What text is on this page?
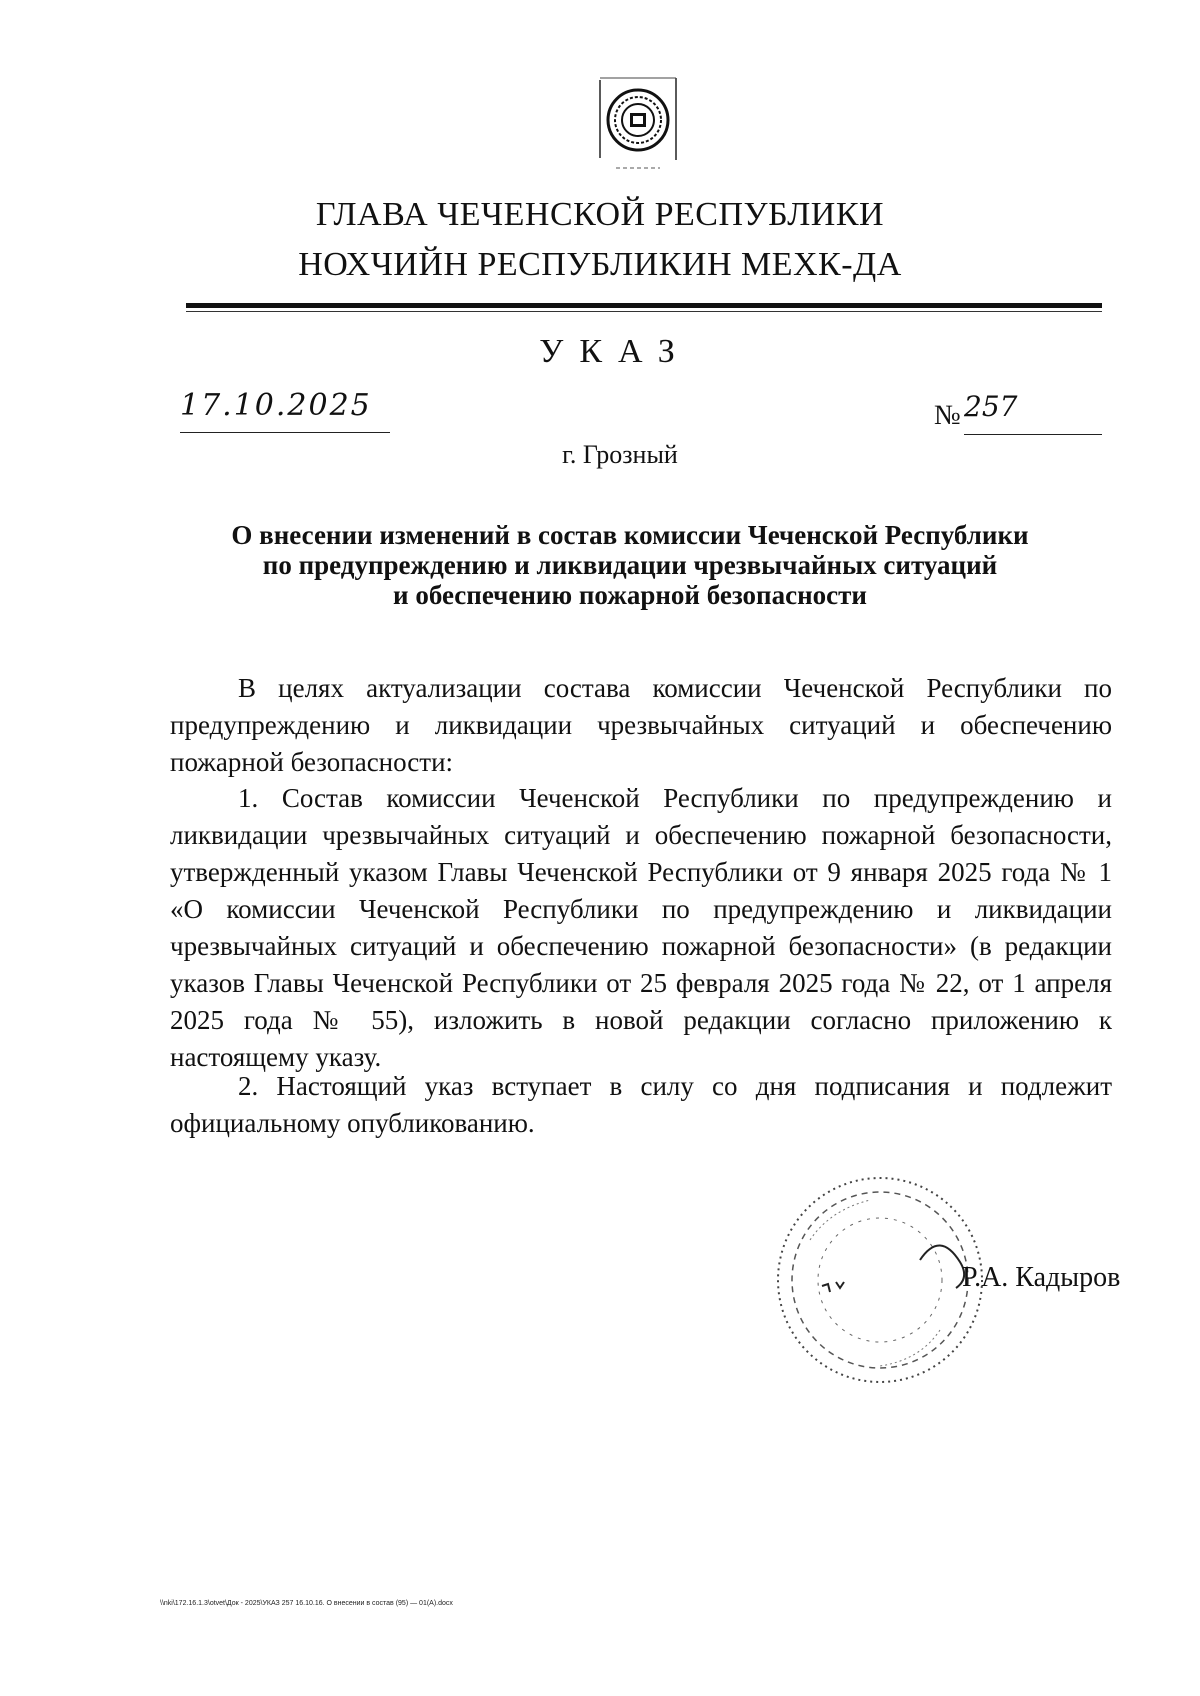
ГЛАВА ЧЕЧЕНСКОЙ РЕСПУБЛИКИ
НОХЧИЙН РЕСПУБЛИКИН МЕХК-ДА
УКАЗ
17.10.2025	№ 257
г. Грозный
О внесении изменений в состав комиссии Чеченской Республики
по предупреждению и ликвидации чрезвычайных ситуаций
и обеспечению пожарной безопасности
В целях актуализации состава комиссии Чеченской Республики по предупреждению и ликвидации чрезвычайных ситуаций и обеспечению пожарной безопасности:
1. Состав комиссии Чеченской Республики по предупреждению и ликвидации чрезвычайных ситуаций и обеспечению пожарной безопасности, утвержденный указом Главы Чеченской Республики от 9 января 2025 года № 1 «О комиссии Чеченской Республики по предупреждению и ликвидации чрезвычайных ситуаций и обеспечению пожарной безопасности» (в редакции указов Главы Чеченской Республики от 25 февраля 2025 года № 22, от 1 апреля 2025 года № 55), изложить в новой редакции согласно приложению к настоящему указу.
2. Настоящий указ вступает в силу со дня подписания и подлежит официальному опубликованию.
Р.А. Кадыров
\\nki\172.16.1.3\otvet\Док - 2025\УКАЗ 257 16.10.16. О внесении в состав (95) — 01(А).docx
